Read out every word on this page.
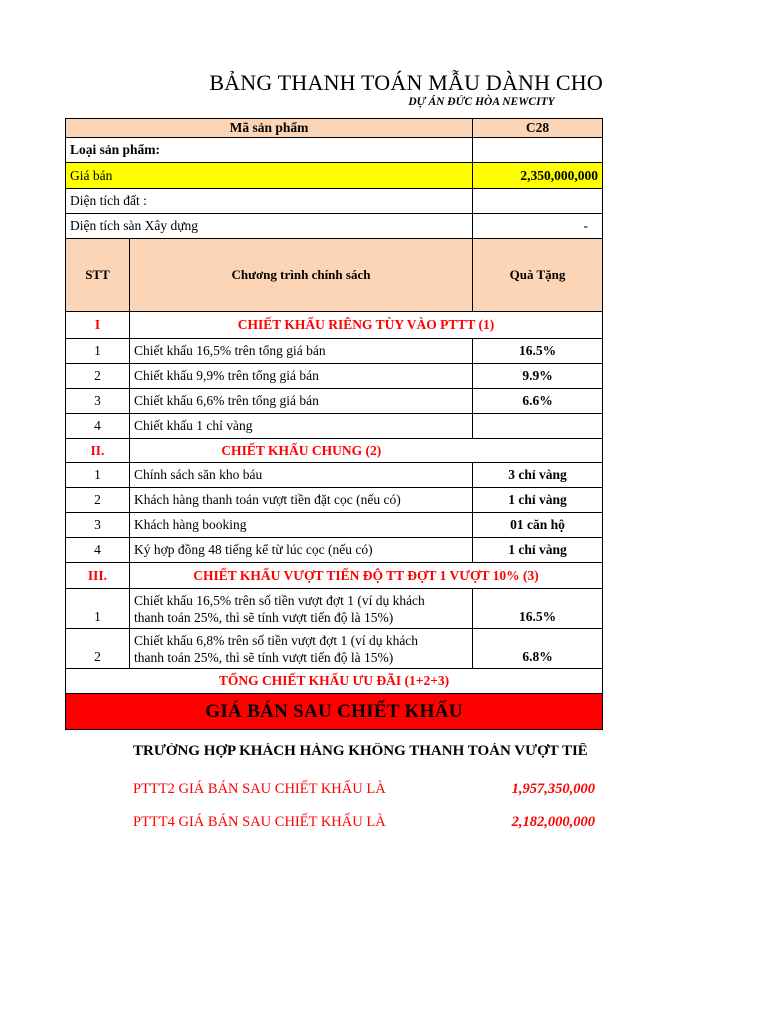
BẢNG THANH TOÁN MẪU DÀNH CHO
DỰ ÁN ĐỨC HÒA NEWCITY
Mã sản phẩm		C28
Loại sản phẩm:		
Giá bán		2,350,000,000
Diện tích đất :		
Diện tích sàn Xây dựng		-
STT	Chương trình chính sách	Quà Tặng
I	CHIẾT KHẤU RIÊNG TÙY VÀO PTTT (1)	
1	Chiết khấu 16,5% trên tổng giá bán	16.5%
2	Chiết khấu 9,9% trên tổng giá bán	9.9%
3	Chiết khấu 6,6% trên tổng giá bán	6.6%
4	Chiết khấu 1 chỉ vàng	
II.	CHIẾT KHẤU CHUNG (2)	
1	Chính sách săn kho báu	3 chỉ vàng
2	Khách hàng thanh toán vượt tiền đặt cọc (nếu có)	1 chỉ vàng
3	Khách hàng booking	01 căn hộ
4	Ký hợp đồng 48 tiếng kể từ lúc cọc (nếu có)	1 chỉ vàng
III.	CHIẾT KHẤU VƯỢT TIẾN ĐỘ TT ĐỢT 1 VƯỢT 10% (3)	
1	Chiết khấu 16,5% trên số tiền vượt đợt 1 (ví dụ khách
thanh toán 25%, thì sẽ tính vượt tiến độ là 15%)	16.5%
2	Chiết khấu 6,8% trên số tiền vượt đợt 1 (ví dụ khách
thanh toán 25%, thì sẽ tính vượt tiến độ là 15%)	6.8%
TỔNG CHIẾT KHẤU ƯU ĐÃI (1+2+3)		
GIÁ BÁN SAU CHIẾT KHẤU		
TRƯỜNG HỢP KHÁCH HÀNG KHÔNG THANH TOÁN VƯỢT TIẾ
PTTT2 GIÁ BÁN SAU CHIẾT KHẤU LÀ	1,957,350,000
PTTT4 GIÁ BÁN SAU CHIẾT KHẤU LÀ	2,182,000,000
